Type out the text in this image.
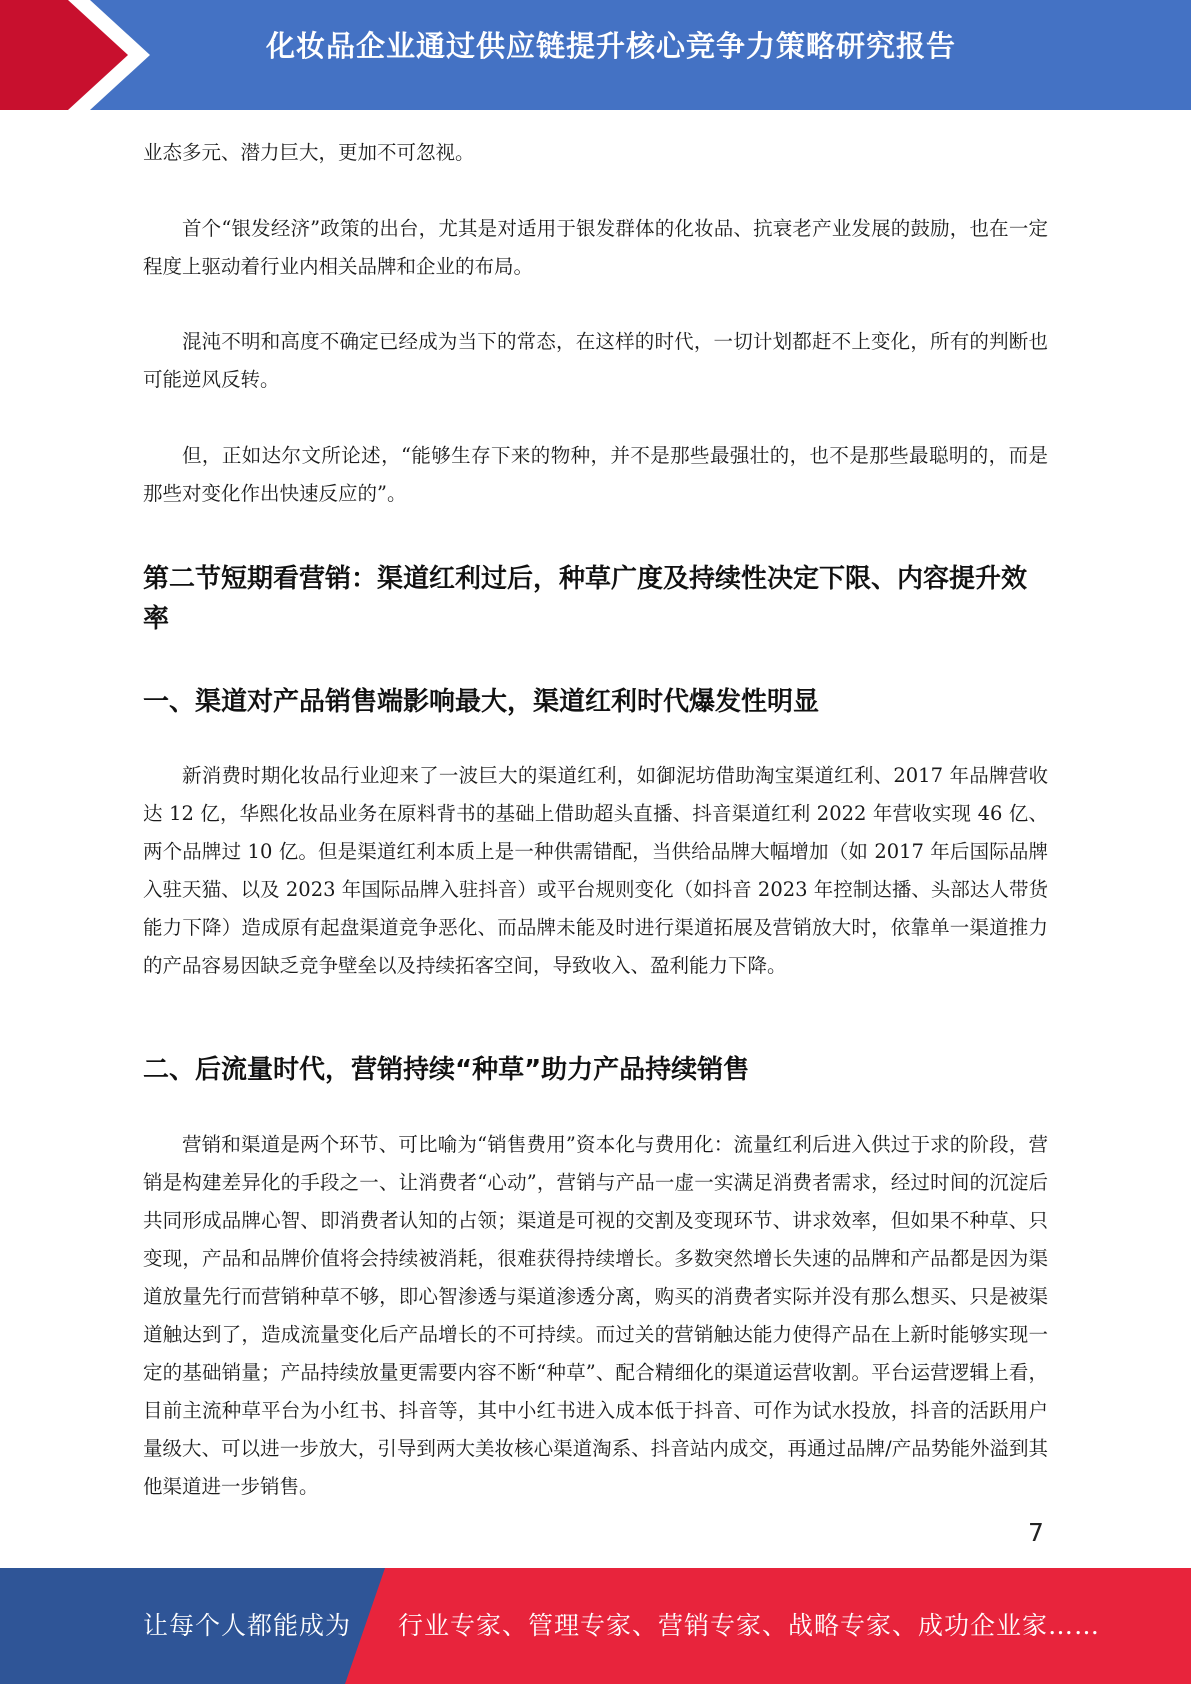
化妆品企业通过供应链提升核心竞争力策略研究报告

业态多元、潜力巨大，更加不可忽视。

首个“银发经济”政策的出台，尤其是对适用于银发群体的化妆品、抗衰老产业发展的鼓励，也在一定程度上驱动着行业内相关品牌和企业的布局。

混沌不明和高度不确定已经成为当下的常态，在这样的时代，一切计划都赶不上变化，所有的判断也可能逆风反转。

但，正如达尔文所论述，“能够生存下来的物种，并不是那些最强壮的，也不是那些最聪明的，而是那些对变化作出快速反应的”。

第二节短期看营销：渠道红利过后，种草广度及持续性决定下限、内容提升效率
一、渠道对产品销售端影响最大，渠道红利时代爆发性明显

新消费时期化妆品行业迎来了一波巨大的渠道红利，如御泥坊借助淘宝渠道红利、2017 年品牌营收达 12 亿，华熙化妆品业务在原料背书的基础上借助超头直播、抖音渠道红利 2022 年营收实现 46 亿、两个品牌过 10 亿。但是渠道红利本质上是一种供需错配，当供给品牌大幅增加（如 2017 年后国际品牌入驻天猫、以及 2023 年国际品牌入驻抖音）或平台规则变化（如抖音 2023 年控制达播、头部达人带货能力下降）造成原有起盘渠道竞争恶化、而品牌未能及时进行渠道拓展及营销放大时，依靠单一渠道推力的产品容易因缺乏竞争壁垒以及持续拓客空间，导致收入、盈利能力下降。

二、后流量时代，营销持续“种草”助力产品持续销售

营销和渠道是两个环节、可比喻为“销售费用”资本化与费用化：流量红利后进入供过于求的阶段，营销是构建差异化的手段之一、让消费者“心动”，营销与产品一虚一实满足消费者需求，经过时间的沉淀后共同形成品牌心智、即消费者认知的占领；渠道是可视的交割及变现环节、讲求效率，但如果不种草、只变现，产品和品牌价值将会持续被消耗，很难获得持续增长。多数突然增长失速的品牌和产品都是因为渠道放量先行而营销种草不够，即心智渗透与渠道渗透分离，购买的消费者实际并没有那么想买、只是被渠道触达到了，造成流量变化后产品增长的不可持续。而过关的营销触达能力使得产品在上新时能够实现一定的基础销量；产品持续放量更需要内容不断“种草”、配合精细化的渠道运营收割。平台运营逻辑上看，目前主流种草平台为小红书、抖音等，其中小红书进入成本低于抖音、可作为试水投放，抖音的活跃用户量级大、可以进一步放大，引导到两大美妆核心渠道淘系、抖音站内成交，再通过品牌/产品势能外溢到其他渠道进一步销售。

7
让每个人都能成为 行业专家、管理专家、营销专家、战略专家、成功企业家……
